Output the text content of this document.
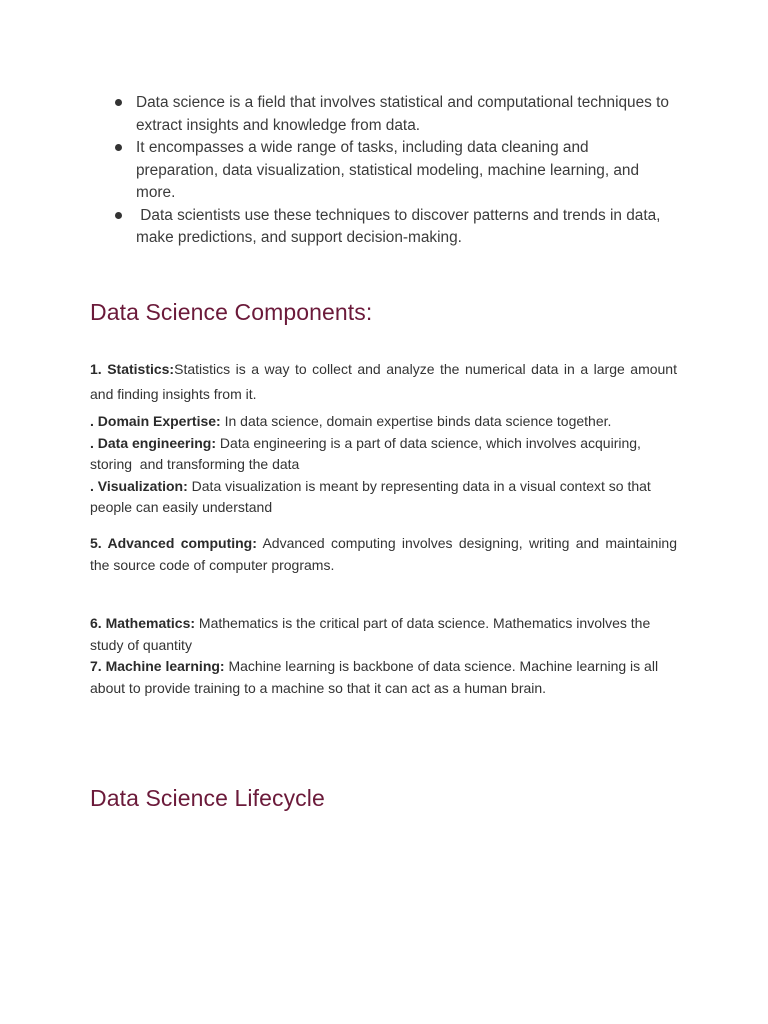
Data science is a field that involves statistical and computational techniques to extract insights and knowledge from data.
It encompasses a wide range of tasks, including data cleaning and preparation, data visualization, statistical modeling, machine learning, and more.
Data scientists use these techniques to discover patterns and trends in data, make predictions, and support decision-making.
Data Science Components:

1. Statistics:Statistics is a way to collect and analyze the numerical data in a large amount and finding insights from it.

. Domain Expertise: In data science, domain expertise binds data science together.
. Data engineering: Data engineering is a part of data science, which involves acquiring, storing  and transforming the data
. Visualization: Data visualization is meant by representing data in a visual context so that people can easily understand

5. Advanced computing: Advanced computing involves designing, writing and maintaining the source code of computer programs.

6. Mathematics: Mathematics is the critical part of data science. Mathematics involves the study of quantity
7. Machine learning: Machine learning is backbone of data science. Machine learning is all about to provide training to a machine so that it can act as a human brain.

Data Science Lifecycle
